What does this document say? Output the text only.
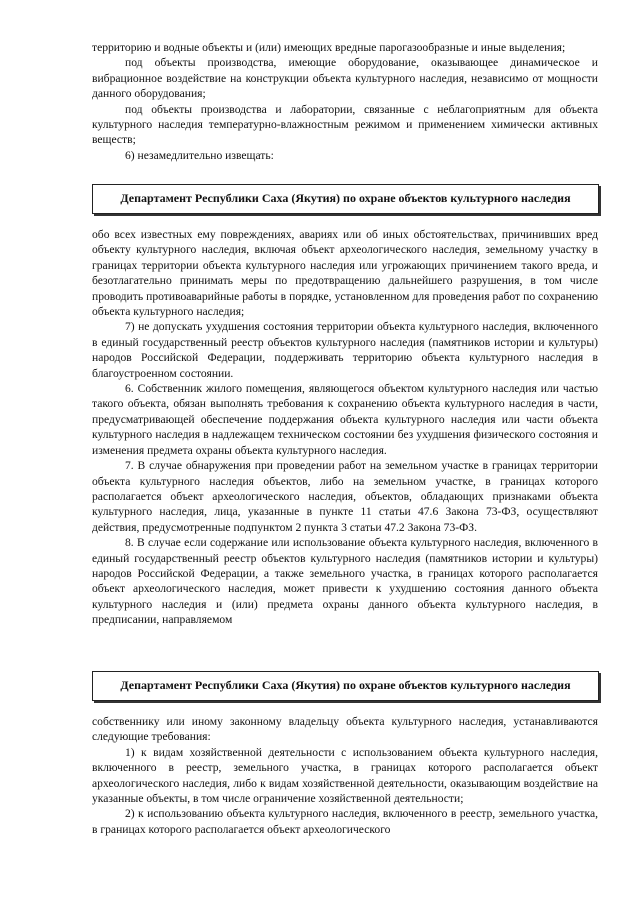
территорию и водные объекты и (или) имеющих вредные парогазообразные и иные выделения;

под объекты производства, имеющие оборудование, оказывающее динамическое и вибрационное воздействие на конструкции объекта культурного наследия, независимо от мощности данного оборудования;

под объекты производства и лаборатории, связанные с неблагоприятным для объекта культурного наследия температурно-влажностным режимом и применением химически активных веществ;

6) незамедлительно извещать:

Департамент Республики Саха (Якутия) по охране объектов культурного наследия

обо всех известных ему повреждениях, авариях или об иных обстоятельствах, причинивших вред объекту культурного наследия, включая объект археологического наследия, земельному участку в границах территории объекта культурного наследия или угрожающих причинением такого вреда, и безотлагательно принимать меры по предотвращению дальнейшего разрушения, в том числе проводить противоаварийные работы в порядке, установленном для проведения работ по сохранению объекта культурного наследия;

7) не допускать ухудшения состояния территории объекта культурного наследия, включенного в единый государственный реестр объектов культурного наследия (памятников истории и культуры) народов Российской Федерации, поддерживать территорию объекта культурного наследия в благоустроенном состоянии.

6. Собственник жилого помещения, являющегося объектом культурного наследия или частью такого объекта, обязан выполнять требования к сохранению объекта культурного наследия в части, предусматривающей обеспечение поддержания объекта культурного наследия или части объекта культурного наследия в надлежащем техническом состоянии без ухудшения физического состояния и изменения предмета охраны объекта культурного наследия.

7. В случае обнаружения при проведении работ на земельном участке в границах территории объекта культурного наследия объектов, либо на земельном участке, в границах которого располагается объект археологического наследия, объектов, обладающих признаками объекта культурного наследия, лица, указанные в пункте 11 статьи 47.6 Закона 73-ФЗ, осуществляют действия, предусмотренные подпунктом 2 пункта 3 статьи 47.2 Закона 73-ФЗ.

8. В случае если содержание или использование объекта культурного наследия, включенного в единый государственный реестр объектов культурного наследия (памятников истории и культуры) народов Российской Федерации, а также земельного участка, в границах которого располагается объект археологического наследия, может привести к ухудшению состояния данного объекта культурного наследия и (или) предмета охраны данного объекта культурного наследия, в предписании, направляемом

Департамент Республики Саха (Якутия) по охране объектов культурного наследия

собственнику или иному законному владельцу объекта культурного наследия, устанавливаются следующие требования:

1) к видам хозяйственной деятельности с использованием объекта культурного наследия, включенного в реестр, земельного участка, в границах которого располагается объект археологического наследия, либо к видам хозяйственной деятельности, оказывающим воздействие на указанные объекты, в том числе ограничение хозяйственной деятельности;

2) к использованию объекта культурного наследия, включенного в реестр, земельного участка, в границах которого располагается объект археологического
